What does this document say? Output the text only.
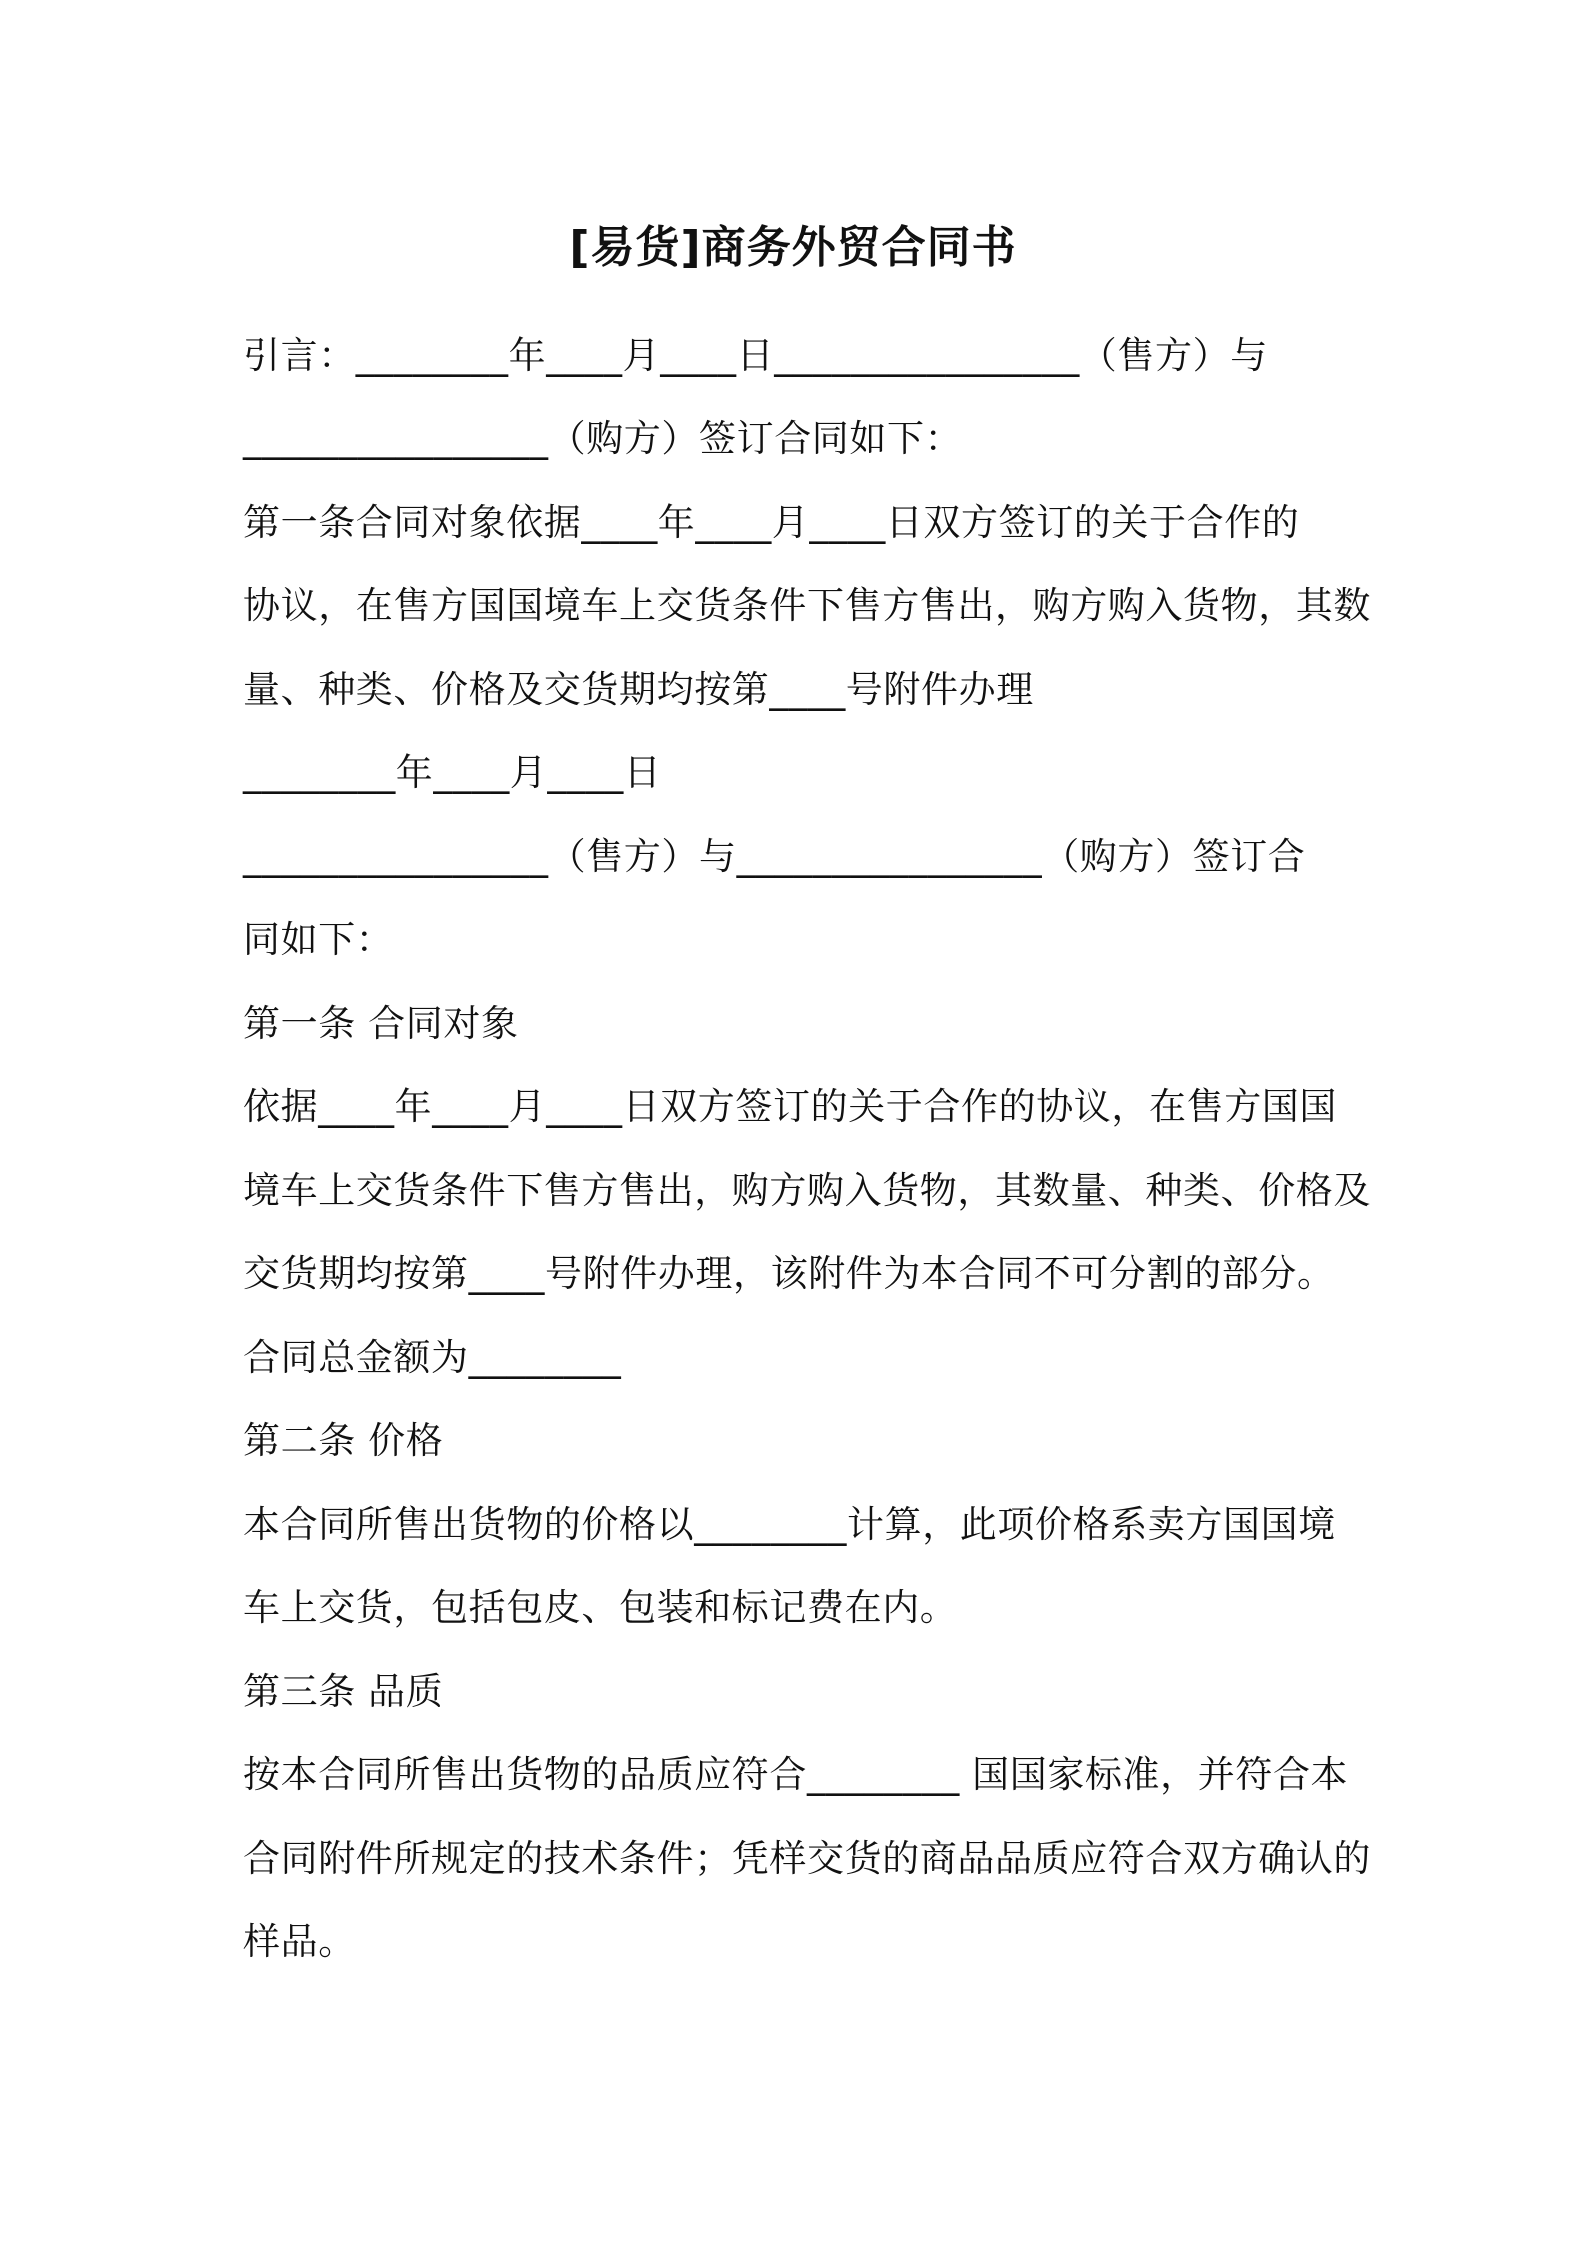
[易货]商务外贸合同书
引言：________年____月____日________________（售方）与
________________（购方）签订合同如下：
第一条合同对象依据____年____月____日双方签订的关于合作的
协议，在售方国国境车上交货条件下售方售出，购方购入货物，其数
量、种类、价格及交货期均按第____号附件办理
________年____月____日
________________（售方）与________________（购方）签订合
同如下：
第一条 合同对象
依据____年____月____日双方签订的关于合作的协议，在售方国国
境车上交货条件下售方售出，购方购入货物，其数量、种类、价格及
交货期均按第____号附件办理，该附件为本合同不可分割的部分。
合同总金额为________
第二条 价格
本合同所售出货物的价格以________计算，此项价格系卖方国国境
车上交货，包括包皮、包装和标记费在内。
第三条 品质
按本合同所售出货物的品质应符合________ 国国家标准，并符合本
合同附件所规定的技术条件；凭样交货的商品品质应符合双方确认的
样品。
